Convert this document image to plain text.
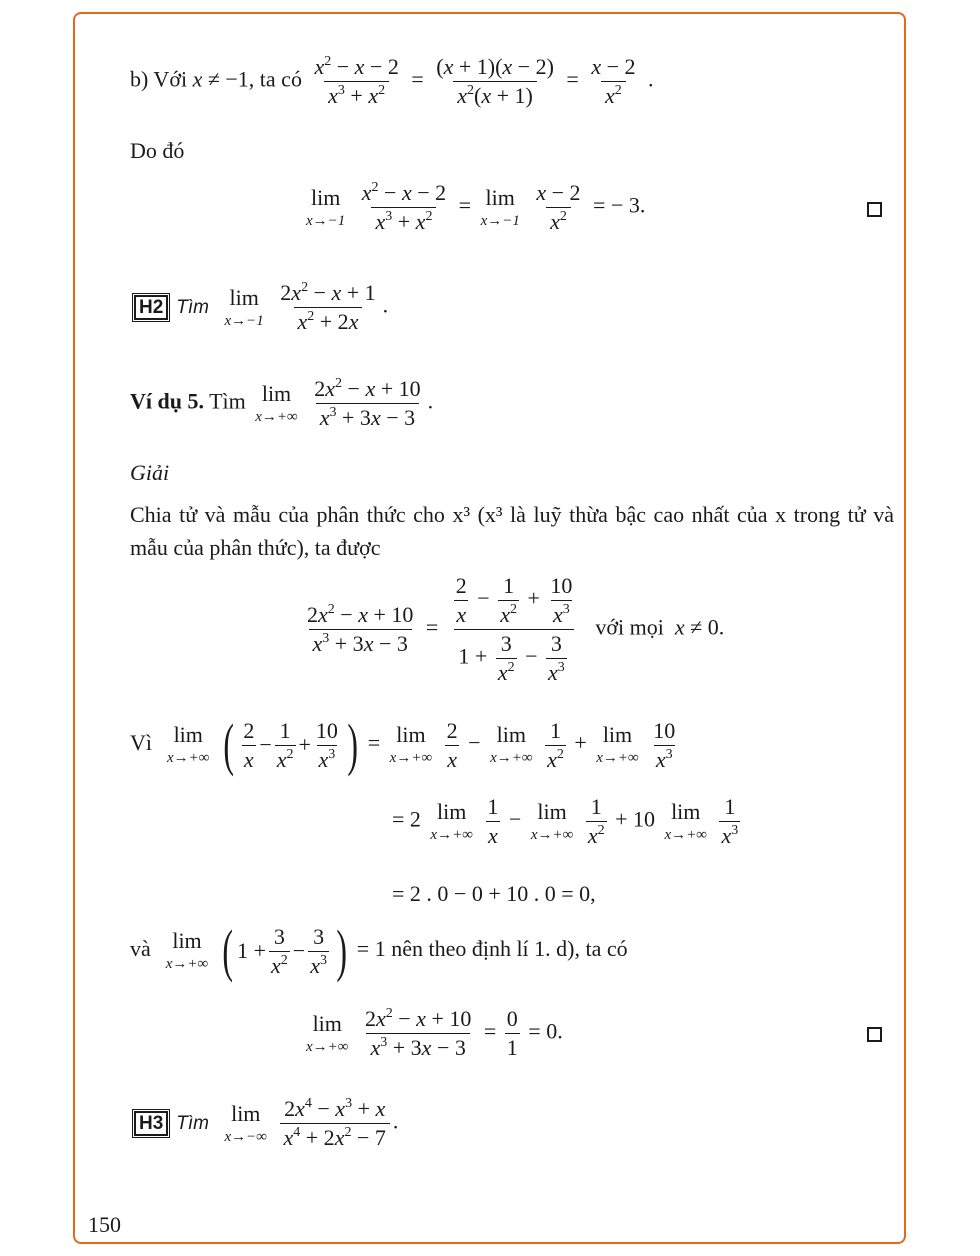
b) Với x ≠ −1, ta có $\frac{x^2 - x - 2}{x^3 + x^2} = \frac{(x + 1)(x - 2)}{x^2(x + 1)} = \frac{x - 2}{x^2}$ .
Do đó
lim
x→−1
$\frac{x^2 - x - 2}{x^3 + x^2} = \lim$
x→−1
$\frac{x - 2}{x^2}$ = − 3.
H2 Tìm lim
x→−1
$\frac{2x^2 - x + 1}{x^2 + 2x}$ .
Ví dụ 5. Tìm lim
x→+∞
$\frac{2x^2 - x + 10}{x^3 + 3x - 3}$ .
Giải
Chia tử và mẫu của phân thức cho x³ (x³ là luỹ thừa bậc cao nhất của x trong tử và mẫu của phân thức), ta được
$\frac{2x^2 - x + 10}{x^3 + 3x - 3} = \frac{\frac{2}{x} - \frac{1}{x^2} + \frac{10}{x^3}}{1 + \frac{3}{x^2} - \frac{3}{x^3}}$ với mọi x ≠ 0.
Vì lim
x→+∞
( 2
x
−
1
$x^2$ +
10
$x^3$ ) = lim
x→+∞
$\frac{2}{x} - \lim$
x→+∞
$\frac{1}{x^2} + \lim$
x→+∞
$\frac{10}{x^3}$
= 2 lim
x→+∞
$\frac{1}{x} - \lim$
x→+∞
$\frac{1}{x^2} + 10$ lim
x→+∞
$\frac{1}{x^3}$
= 2 . 0 − 0 + 10 . 0 = 0,
và lim
x→+∞
( 1 +
3
$x^2$ −
3
$x^3$ ) = 1 nên theo định lí 1. d), ta có
lim
x→+∞
$\frac{2x^2 - x + 10}{x^3 + 3x - 3} = \frac{0}{1} = 0$.
H3 Tìm lim
x→−∞
$\frac{2x^4 - x^3 + x}{x^4 + 2x^2 - 7}$ .
150
